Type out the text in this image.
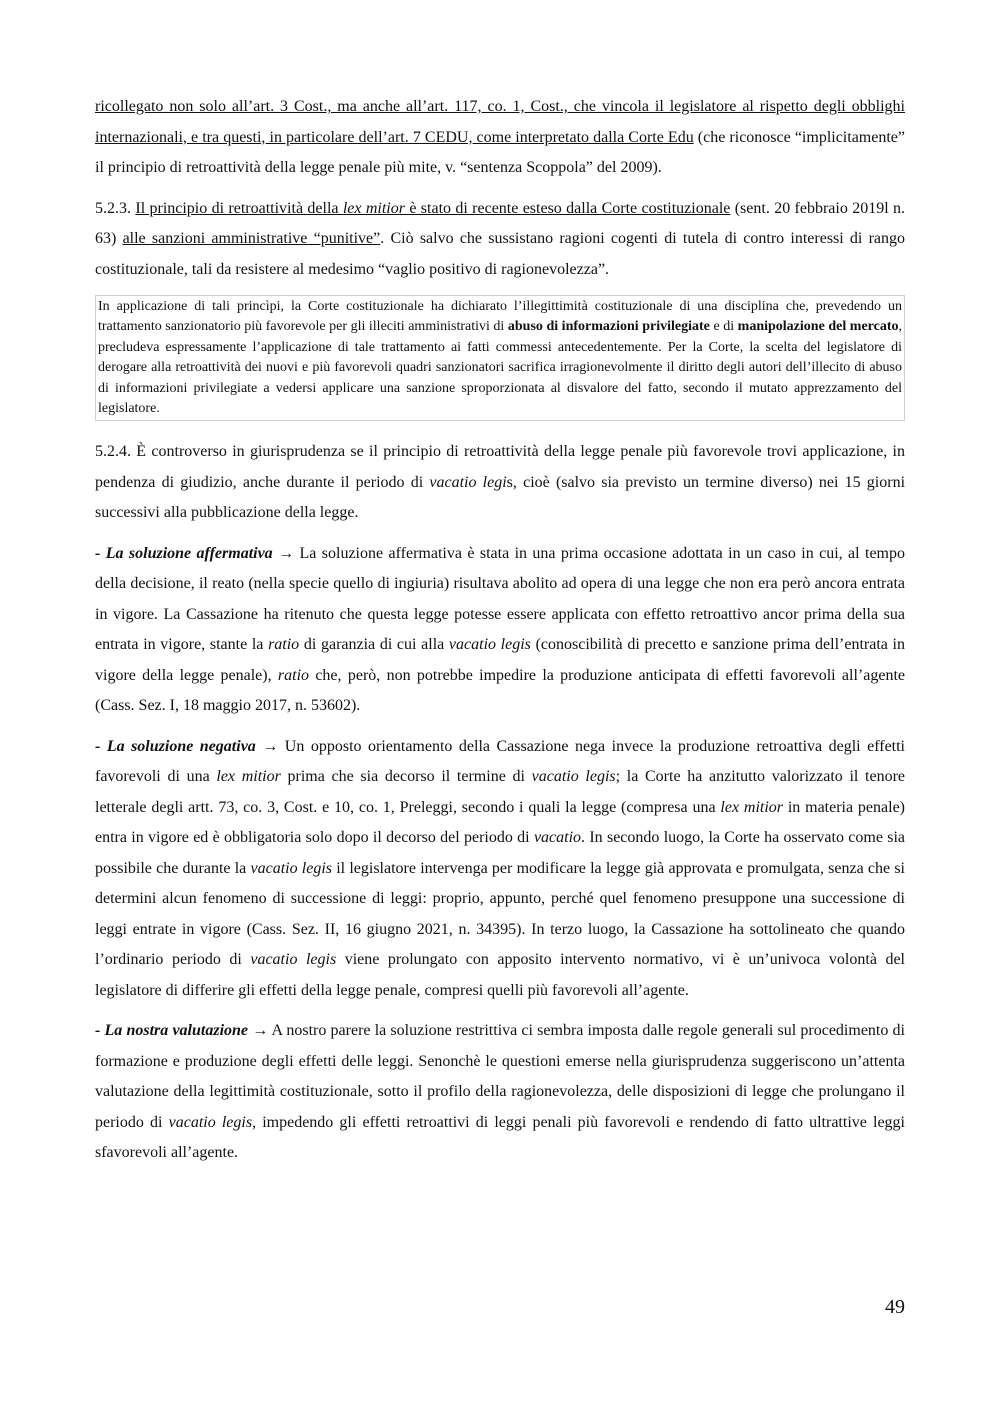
ricollegato non solo all’art. 3 Cost., ma anche all’art. 117, co. 1, Cost., che vincola il legislatore al rispetto degli obblighi internazionali, e tra questi, in particolare dell’art. 7 CEDU, come interpretato dalla Corte Edu (che riconosce “implicitamente” il principio di retroattività della legge penale più mite, v. “sentenza Scoppola” del 2009).

5.2.3. Il principio di retroattività della lex mitior è stato di recente esteso dalla Corte costituzionale (sent. 20 febbraio 2019l n. 63) alle sanzioni amministrative “punitive”. Ciò salvo che sussistano ragioni cogenti di tutela di contro interessi di rango costituzionale, tali da resistere al medesimo “vaglio positivo di ragionevolezza”.

In applicazione di tali princìpi, la Corte costituzionale ha dichiarato l’illegittimità costituzionale di una disciplina che, prevedendo un trattamento sanzionatorio più favorevole per gli illeciti amministrativi di abuso di informazioni privilegiate e di manipolazione del mercato, precludeva espressamente l’applicazione di tale trattamento ai fatti commessi antecedentemente. Per la Corte, la scelta del legislatore di derogare alla retroattività dei nuovi e più favorevoli quadri sanzionatori sacrifica irragionevolmente il diritto degli autori dell’illecito di abuso di informazioni privilegiate a vedersi applicare una sanzione sproporzionata al disvalore del fatto, secondo il mutato apprezzamento del legislatore.

5.2.4. È controverso in giurisprudenza se il principio di retroattività della legge penale più favorevole trovi applicazione, in pendenza di giudizio, anche durante il periodo di vacatio legis, cioè (salvo sia previsto un termine diverso) nei 15 giorni successivi alla pubblicazione della legge.

- La soluzione affermativa → La soluzione affermativa è stata in una prima occasione adottata in un caso in cui, al tempo della decisione, il reato (nella specie quello di ingiuria) risultava abolito ad opera di una legge che non era però ancora entrata in vigore. La Cassazione ha ritenuto che questa legge potesse essere applicata con effetto retroattivo ancor prima della sua entrata in vigore, stante la ratio di garanzia di cui alla vacatio legis (conoscibilità di precetto e sanzione prima dell’entrata in vigore della legge penale), ratio che, però, non potrebbe impedire la produzione anticipata di effetti favorevoli all’agente (Cass. Sez. I, 18 maggio 2017, n. 53602).

- La soluzione negativa → Un opposto orientamento della Cassazione nega invece la produzione retroattiva degli effetti favorevoli di una lex mitior prima che sia decorso il termine di vacatio legis; la Corte ha anzitutto valorizzato il tenore letterale degli artt. 73, co. 3, Cost. e 10, co. 1, Preleggi, secondo i quali la legge (compresa una lex mitior in materia penale) entra in vigore ed è obbligatoria solo dopo il decorso del periodo di vacatio. In secondo luogo, la Corte ha osservato come sia possibile che durante la vacatio legis il legislatore intervenga per modificare la legge già approvata e promulgata, senza che si determini alcun fenomeno di successione di leggi: proprio, appunto, perché quel fenomeno presuppone una successione di leggi entrate in vigore (Cass. Sez. II, 16 giugno 2021, n. 34395). In terzo luogo, la Cassazione ha sottolineato che quando l’ordinario periodo di vacatio legis viene prolungato con apposito intervento normativo, vi è un’univoca volontà del legislatore di differire gli effetti della legge penale, compresi quelli più favorevoli all’agente.

- La nostra valutazione → A nostro parere la soluzione restrittiva ci sembra imposta dalle regole generali sul procedimento di formazione e produzione degli effetti delle leggi. Senonchè le questioni emerse nella giurisprudenza suggeriscono un’attenta valutazione della legittimità costituzionale, sotto il profilo della ragionevolezza, delle disposizioni di legge che prolungano il periodo di vacatio legis, impedendo gli effetti retroattivi di leggi penali più favorevoli e rendendo di fatto ultrattive leggi sfavorevoli all’agente.

49
